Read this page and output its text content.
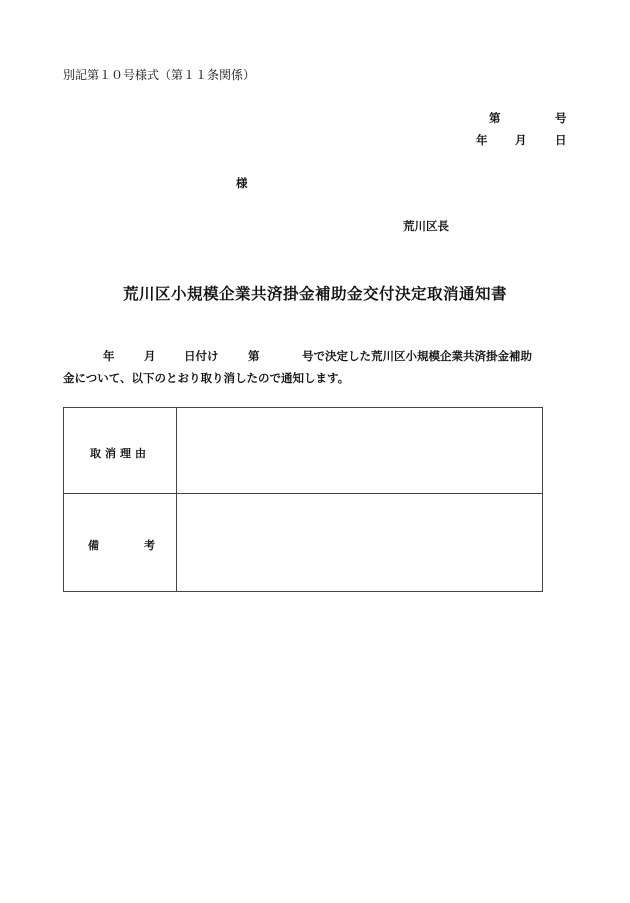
別記第１０号様式（第１１条関係）
第	号
年 月 日
様
荒川区長
荒川区小規模企業共済掛金補助金交付決定取消通知書
年	月 日付け	第	号で決定した荒川区小規模企業共済掛金補助
金について、以下のとおり取り消したので通知します。
取消理由
備	考
